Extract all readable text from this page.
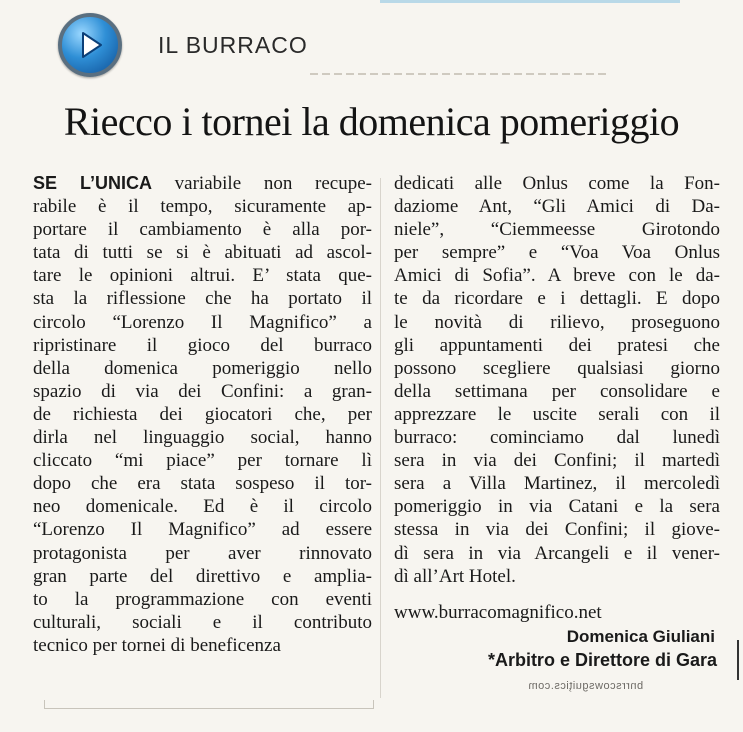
IL BURRACO
Riecco i tornei la domenica pomeriggio
SE L’UNICA variabile non recupe-
rabile è il tempo, sicuramente ap-
portare il cambiamento è alla por-
tata di tutti se si è abituati ad ascol-
tare le opinioni altrui. E’ stata que-
sta la riflessione che ha portato il
circolo “Lorenzo Il Magnifico” a
ripristinare il gioco del burraco
della domenica pomeriggio nello
spazio di via dei Confini: a gran-
de richiesta dei giocatori che, per
dirla nel linguaggio social, hanno
cliccato “mi piace” per tornare lì
dopo che era stata sospeso il tor-
neo domenicale. Ed è il circolo
“Lorenzo Il Magnifico” ad essere
protagonista per aver rinnovato
gran parte del direttivo e amplia-
to la programmazione con eventi
culturali, sociali e il contributo
tecnico per tornei di beneficenza
dedicati alle Onlus come la Fon-
daziome Ant, “Gli Amici di Da-
niele”, “Ciemmeesse Girotondo
per sempre” e “Voa Voa Onlus
Amici di Sofia”. A breve con le da-
te da ricordare e i dettagli. E dopo
le novità di rilievo, proseguono
gli appuntamenti dei pratesi che
possono scegliere qualsiasi giorno
della settimana per consolidare e
apprezzare le uscite serali con il
burraco: cominciamo dal lunedì
sera in via dei Confini; il martedì
sera a Villa Martinez, il mercoledì
pomeriggio in via Catani e la sera
stessa in via dei Confini; il giove-
dì sera in via Arcangeli e il vener-
dì all’Art Hotel.
www.burracomagnifico.net
Domenica Giuliani
*Arbitro e Direttore di Gara
bnrrscowsguiţics.com
